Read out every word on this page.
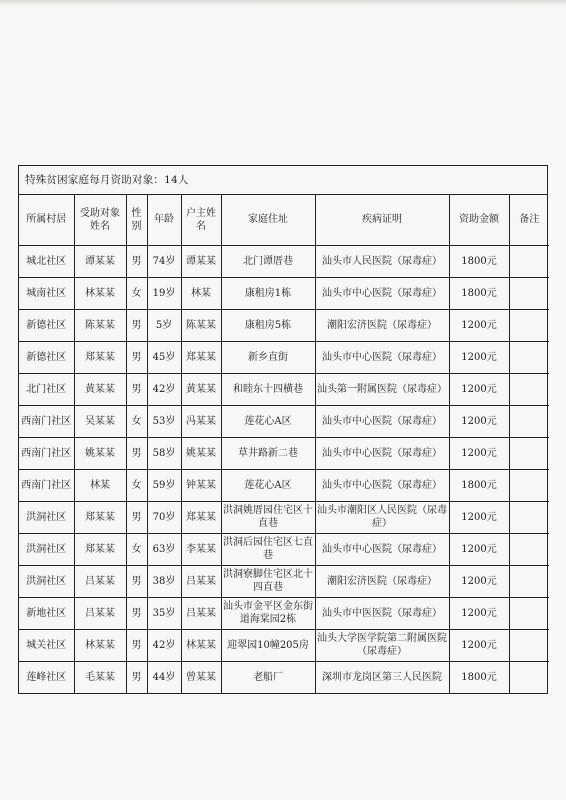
特殊贫困家庭每月资助对象：14人
所属村居	受助对象姓名	性别	年龄	户主姓名	家庭住址	疾病证明	资助金额	备注
城北社区	谭某某	男	74岁	谭某某	北门谭厝巷	汕头市人民医院（尿毒症）	1800元	
城南社区	林某某	女	19岁	林某	康租房1栋	汕头市中心医院（尿毒症）	1800元	
新德社区	陈某某	男	5岁	陈某某	康租房5栋	潮阳宏济医院（尿毒症）	1200元	
新德社区	郑某某	男	45岁	郑某某	新乡直街	汕头市中心医院（尿毒症）	1200元	
北门社区	黄某某	男	42岁	黄某某	和睦东十四横巷	汕头第一附属医院（尿毒症）	1200元	
西南门社区	吴某某	女	53岁	冯某某	莲花心A区	汕头市中心医院（尿毒症）	1200元	
西南门社区	姚某某	男	58岁	姚某某	草井路新二巷	汕头市中心医院（尿毒症）	1200元	
西南门社区	林某	女	59岁	钟某某	莲花心A区	汕头市中心医院（尿毒症）	1800元	
洪洞社区	郑某某	男	70岁	郑某某	洪洞姚厝园住宅区十直巷	汕头市潮阳区人民医院（尿毒症）	1200元	
洪洞社区	郑某某	女	63岁	李某某	洪洞后园住宅区七直巷	汕头市中心医院（尿毒症）	1200元	
洪洞社区	吕某某	男	38岁	吕某某	洪洞寮脚住宅区北十四直巷	潮阳宏济医院（尿毒症）	1200元	
新地社区	吕某某	男	35岁	吕某某	汕头市金平区金东街道海棠园2栋	汕头市中医医院（尿毒症）	1200元	
城关社区	林某某	男	42岁	林某某	迎翠园10幢205房	汕头大学医学院第二附属医院（尿毒症）	1200元	
莲峰社区	毛某某	男	44岁	曾某某	老船厂	深圳市龙岗区第三人民医院	1800元	
